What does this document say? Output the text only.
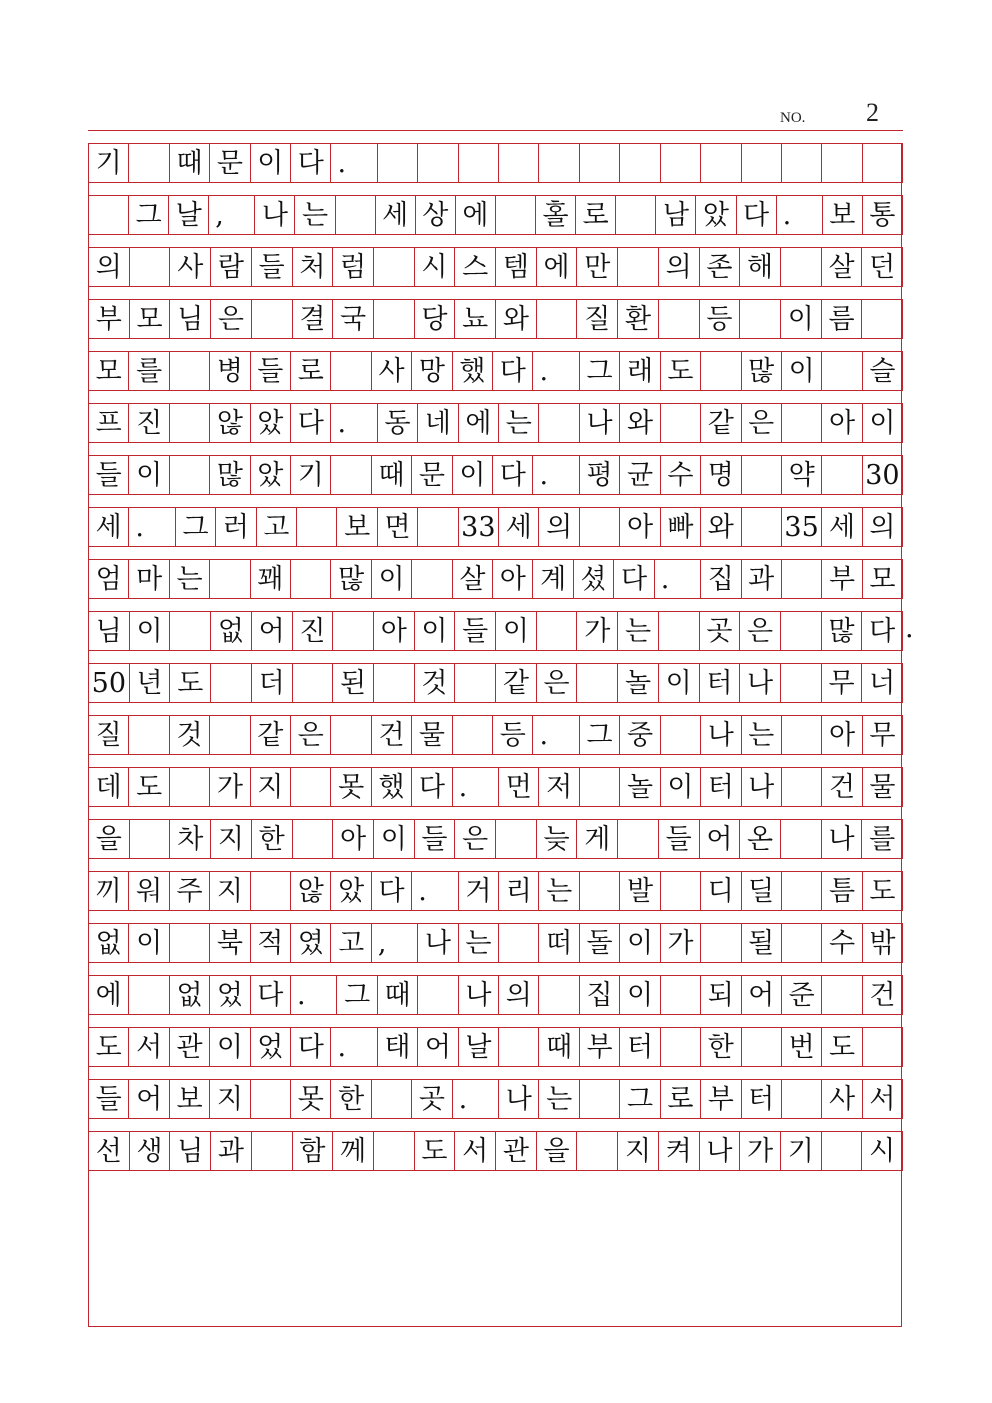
NO. 2
기 때 문 이 다 .
그 날 ,	나 는 세 상 에 홀 로 남 았 다 .	보 통
의 사 람 들 처 럼 시 스 템 에 만 의 존 해 살 던
부 모 님 은 결 국 당 뇨 와 질 환 등 이 름
모 를 병 들 로 사 망 했 다 .	그 래 도 많 이 슬
프 진 않 았 다 .	동 네 에 는 나 와 같 은 아 이
들 이 많 았 기 때 문 이 다 .	평 균 수 명 약 30
세 .	그 러 고 보 면 33 세 의 아 빠 와 35 세 의
엄 마 는 꽤 많 이 살 아 계 셨 다 .	집 과 부 모
님 이 없 어 진 아 이 들 이 가 는 곳 은 많 다
50 년 도 더 된 것 같 은 놀 이 터 나 무 너
질 것 같 은 건 물 등 .	그 중 나 는 아 무
데 도 가 지 못 했 다 .	먼 저 놀 이 터 나 건 물
을 차 지 한 아 이 들 은 늦 게 들 어 온 나 를
끼 워 주 지 않 았 다 .	거 리 는 발 디 딜 틈 도
없 이 북 적 였 고 ,	나 는 떠 돌 이 가 될 수 밖
에 없 었 다 .	그 때 나 의 집 이 되 어 준 건
도 서 관 이 었 다 .	태 어 날 때 부 터 한 번 도
들 어 보 지 못 한 곳 .	나 는 그 로 부 터 사 서
선 생 님 과 함 께 도 서 관 을 지 켜 나 가 기 시
.
